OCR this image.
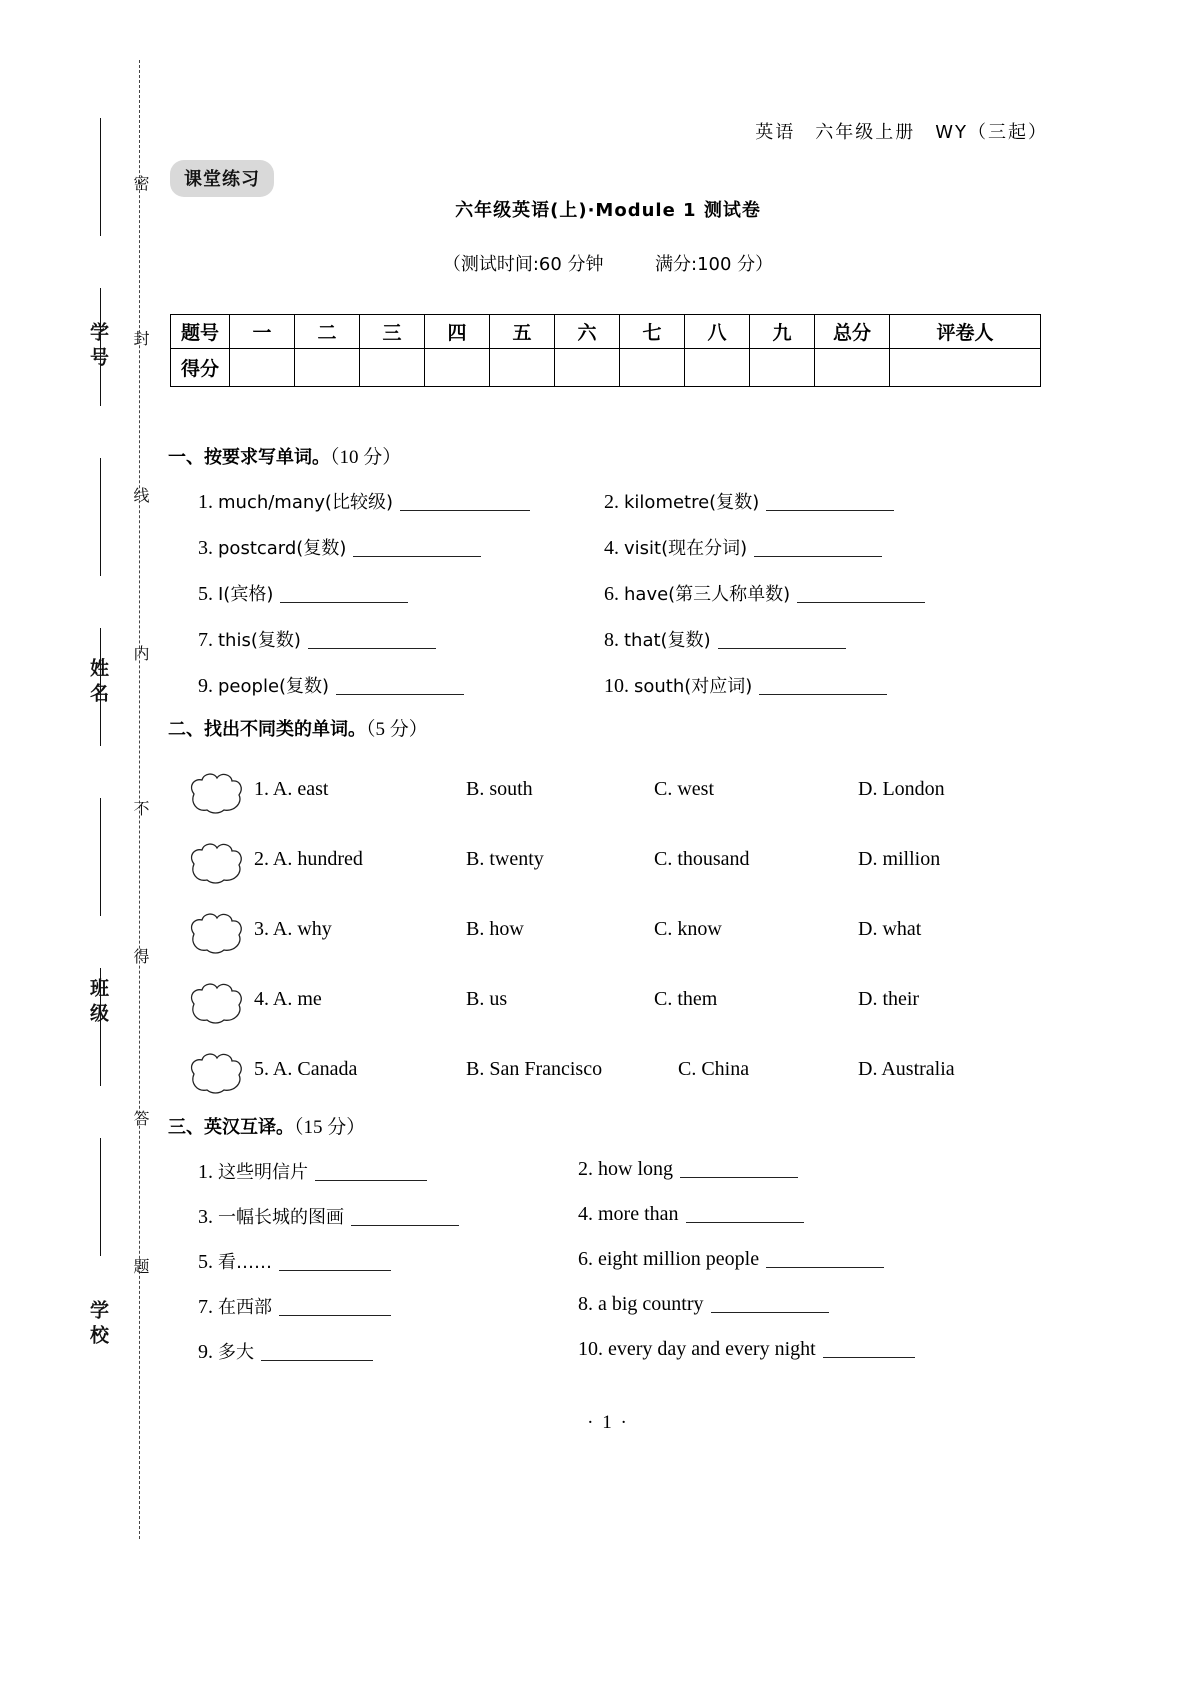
密
封
线
内
不
得
答
题
学号
姓名
班级
学校
英语　六年级上册　WY（三起）
课堂练习
六年级英语(上)·Module 1 测试卷
（测试时间:60 分钟	满分:100 分）
题号	一	二	三	四	五	六	七	八	九	总分	评卷人
得分											
一、按要求写单词。（10 分）
1. much/many(比较级)	2. kilometre(复数)
3. postcard(复数)	4. visit(现在分词)
5. I(宾格)	6. have(第三人称单数)
7. this(复数)	8. that(复数)
9. people(复数)	10. south(对应词)
二、找出不同类的单词。（5 分）
1. A. east	B. south	C. west	D. London
2. A. hundred	B. twenty	C. thousand	D. million
3. A. why	B. how	C. know	D. what
4. A. me	B. us	C. them	D. their
5. A. Canada	B. San Francisco	C. China	D. Australia
三、英汉互译。（15 分）
1. 这些明信片	2. how long
3. 一幅长城的图画	4. more than
5. 看……	6. eight million people
7. 在西部	8. a big country
9. 多大	10. every day and every night
· 1 ·
